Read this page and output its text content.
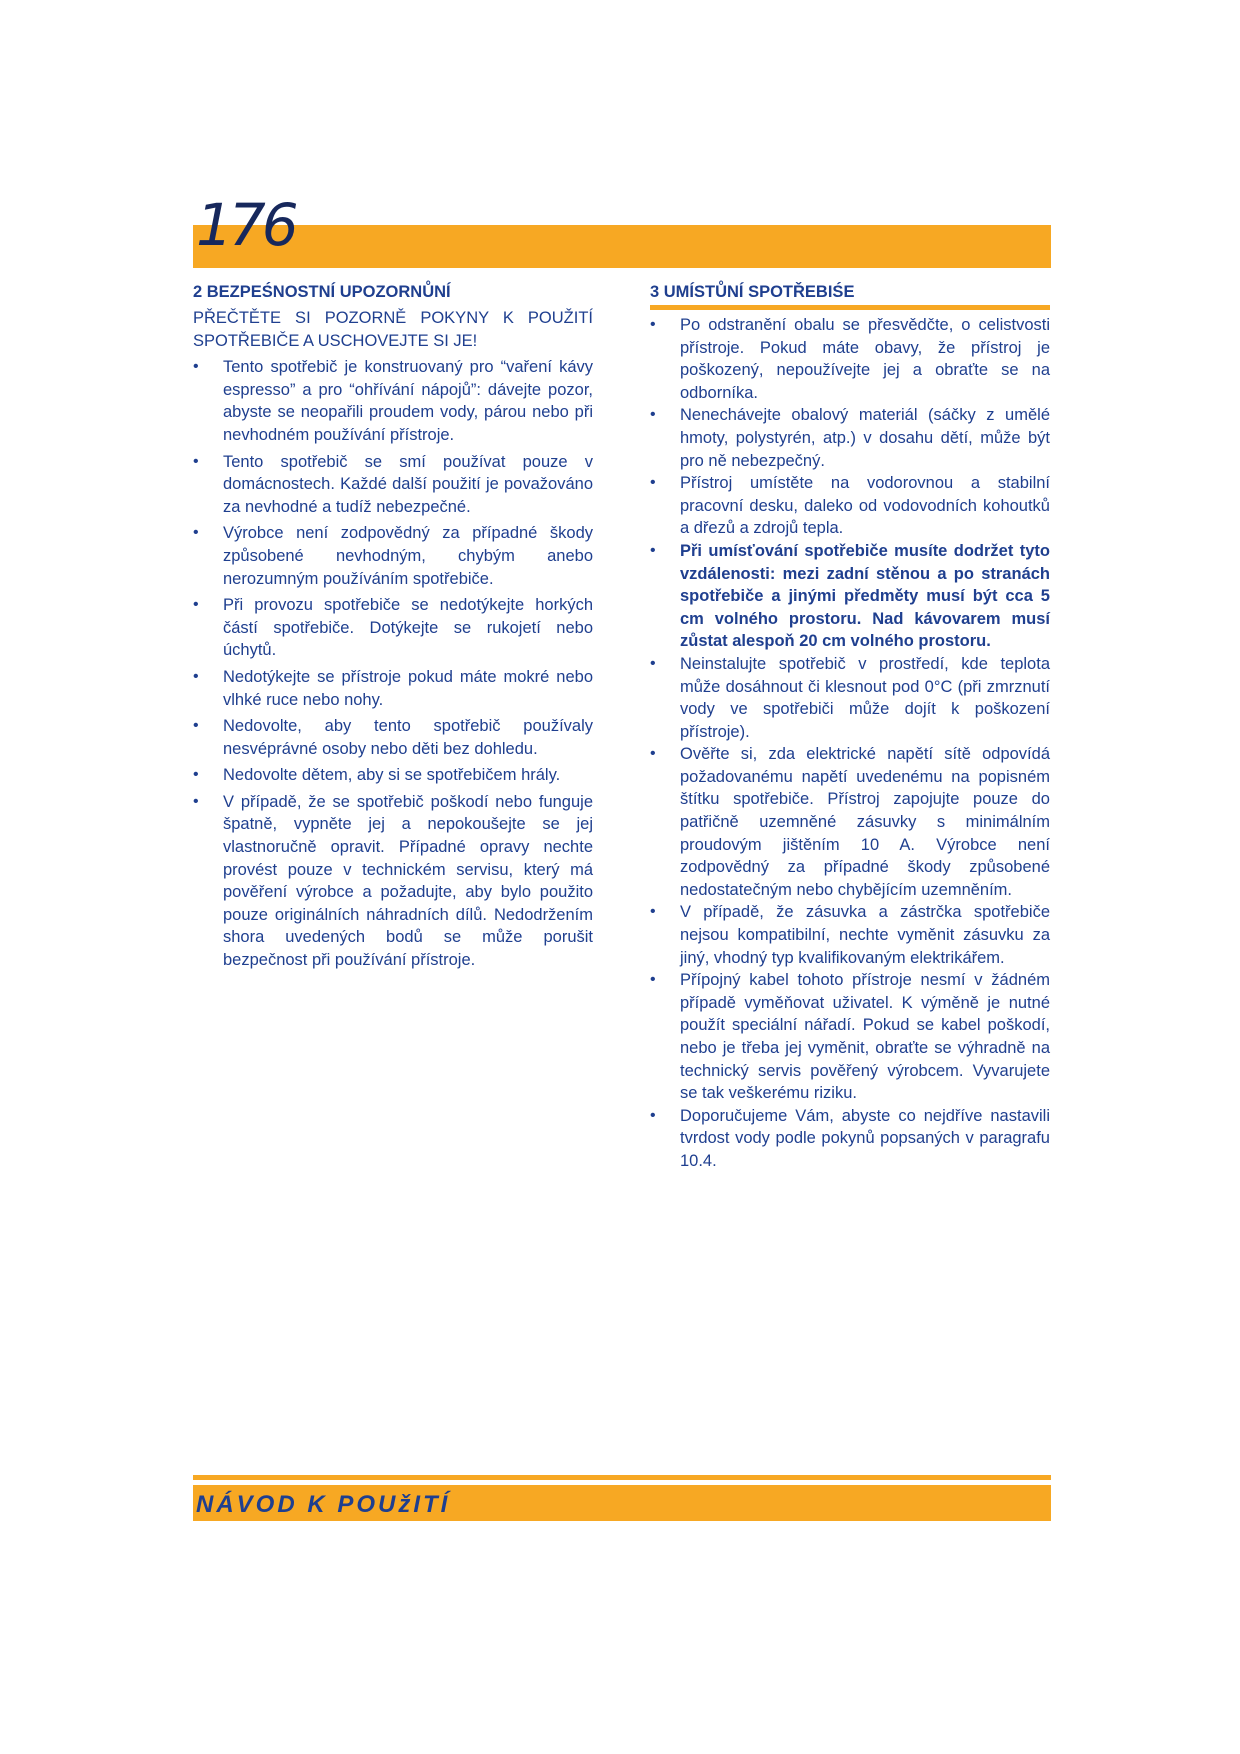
176
2 BEZPEŚNOSTNÍ UPOZORNŮNÍ
PŘEČTĚTE SI POZORNĚ POKYNY K POUŽITÍ SPOTŘEBIČE A USCHOVEJTE SI JE!
•	Tento spotřebič je konstruovaný pro “vaření kávy espresso” a pro “ohřívání nápojů”: dávejte pozor, abyste se neopařili proudem vody, párou nebo při nevhodném používání přístroje.
•	Tento spotřebič se smí používat pouze v domácnostech. Každé další použití je považováno za nevhodné a tudíž nebezpečné.
•	Výrobce není zodpovědný za případné škody způsobené nevhodným, chybým anebo nerozumným používáním spotřebiče.
•	Při provozu spotřebiče se nedotýkejte horkých částí spotřebiče. Dotýkejte se rukojetí nebo úchytů.
•	Nedotýkejte se přístroje pokud máte mokré nebo vlhké ruce nebo nohy.
•	Nedovolte, aby tento spotřebič používaly nesvéprávné osoby nebo děti bez dohledu.
•	Nedovolte dětem, aby si se spotřebičem hrály.
•	V případě, že se spotřebič poškodí nebo funguje špatně, vypněte jej a nepokoušejte se jej vlastnoručně opravit. Případné opravy nechte provést pouze v technickém servisu, který má pověření výrobce a požadujte, aby bylo použito pouze originálních náhradních dílů. Nedodržením shora uvedených bodů se může porušit bezpečnost při používání přístroje.
3 UMÍSTŮNÍ SPOTŘEBIŚE
•	Po odstranění obalu se přesvědčte, o celistvosti přístroje. Pokud máte obavy, že přístroj je poškozený, nepoužívejte jej a obraťte se na odborníka.
•	Nenechávejte obalový materiál (sáčky z umělé hmoty, polystyrén, atp.) v dosahu dětí, může být pro ně nebezpečný.
•	Přístroj umístěte na vodorovnou a stabilní pracovní desku, daleko od vodovodních kohoutků a dřezů a zdrojů tepla.
•	Při umísťování spotřebiče musíte dodržet tyto vzdálenosti: mezi zadní stěnou a po stranách spotřebiče a jinými předměty musí být cca 5 cm volného prostoru. Nad kávovarem musí zůstat alespoň 20 cm volného prostoru.
•	Neinstalujte spotřebič v prostředí, kde teplota může dosáhnout či klesnout pod 0°C (při zmrznutí vody ve spotřebiči může dojít k poškození přístroje).
•	Ověřte si, zda elektrické napětí sítě odpovídá požadovanému napětí uvedenému na popisném štítku spotřebiče. Přístroj zapojujte pouze do patřičně uzemněné zásuvky s minimálním proudovým jištěním 10 A. Výrobce není zodpovědný za případné škody způsobené nedostatečným nebo chybějícím uzemněním.
•	V případě, že zásuvka a zástrčka spotřebiče nejsou kompatibilní, nechte vyměnit zásuvku za jiný, vhodný typ kvalifikovaným elektrikářem.
•	Přípojný kabel tohoto přístroje nesmí v žádném případě vyměňovat uživatel. K výměně je nutné použít speciální nářadí. Pokud se kabel poškodí, nebo je třeba jej vyměnit, obraťte se výhradně na technický servis pověřený výrobcem. Vyvarujete se tak veškerému riziku.
•	Doporučujeme Vám, abyste co nejdříve nastavili tvrdost vody podle pokynů popsaných v paragrafu 10.4.
NÁVOD K POUžITÍ
